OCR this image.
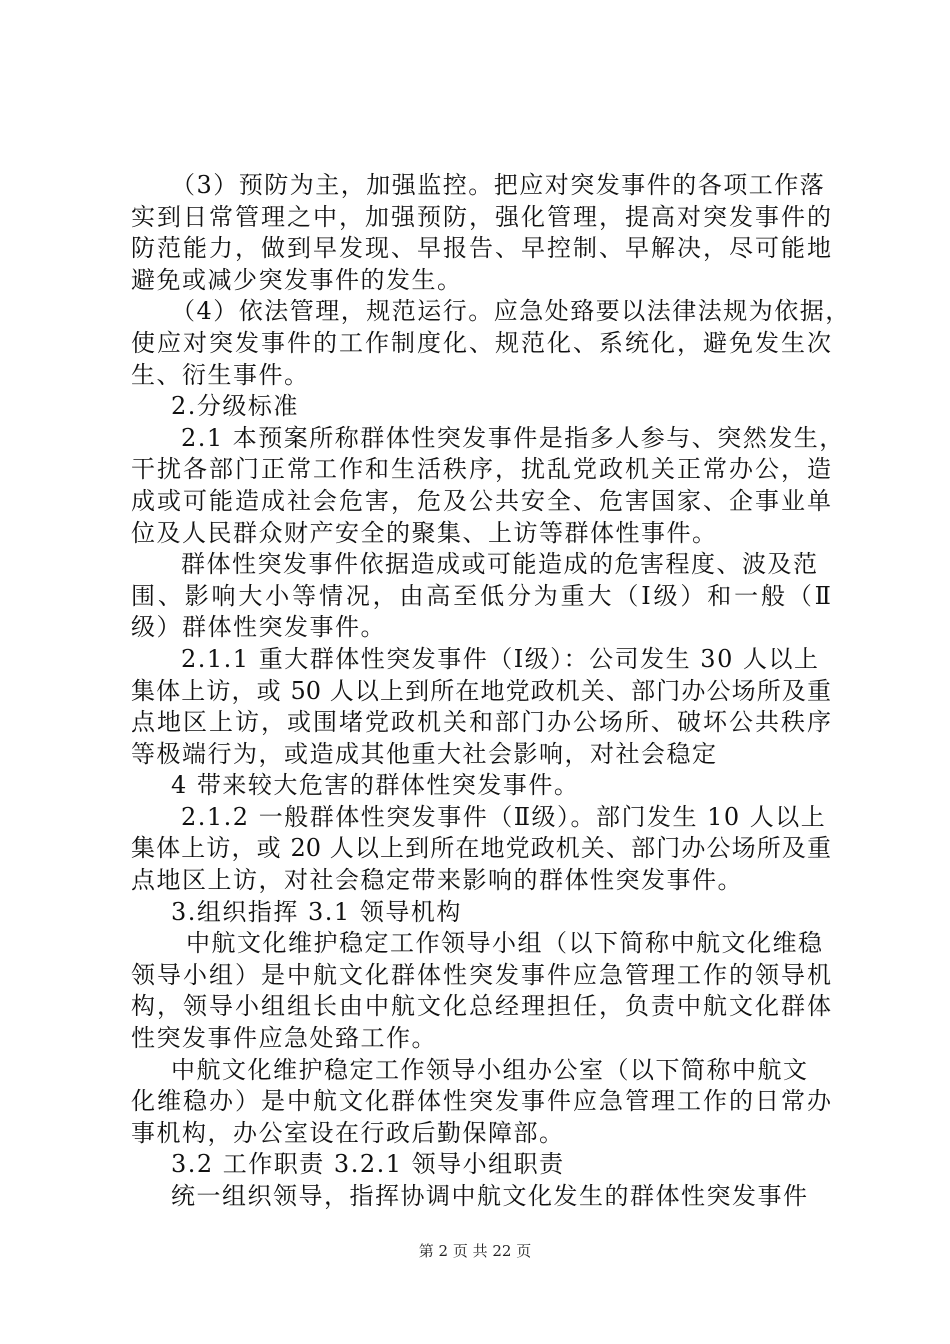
（3）预防为主，加强监控。把应对突发事件的各项工作落
实到日常管理之中，加强预防，强化管理，提高对突发事件的
防范能力，做到早发现、早报告、早控制、早解决，尽可能地
避免或减少突发事件的发生。
（4）依法管理，规范运行。应急处臵要以法律法规为依据，
使应对突发事件的工作制度化、规范化、系统化，避免发生次
生、衍生事件。
2.分级标准
2.1 本预案所称群体性突发事件是指多人参与、突然发生，
干扰各部门正常工作和生活秩序，扰乱党政机关正常办公，造
成或可能造成社会危害，危及公共安全、危害国家、企事业单
位及人民群众财产安全的聚集、上访等群体性事件。
群体性突发事件依据造成或可能造成的危害程度、波及范
围、影响大小等情况，由高至低分为重大（Ⅰ级）和一般（Ⅱ
级）群体性突发事件。
2.1.1 重大群体性突发事件（Ⅰ级）：公司发生 30 人以上
集体上访，或 50 人以上到所在地党政机关、部门办公场所及重
点地区上访，或围堵党政机关和部门办公场所、破坏公共秩序
等极端行为，或造成其他重大社会影响，对社会稳定
4 带来较大危害的群体性突发事件。
2.1.2 一般群体性突发事件（Ⅱ级）。部门发生 10 人以上
集体上访，或 20 人以上到所在地党政机关、部门办公场所及重
点地区上访，对社会稳定带来影响的群体性突发事件。
3.组织指挥 3.1 领导机构
中航文化维护稳定工作领导小组（以下简称中航文化维稳
领导小组）是中航文化群体性突发事件应急管理工作的领导机
构，领导小组组长由中航文化总经理担任，负责中航文化群体
性突发事件应急处臵工作。
中航文化维护稳定工作领导小组办公室（以下简称中航文
化维稳办）是中航文化群体性突发事件应急管理工作的日常办
事机构，办公室设在行政后勤保障部。
3.2 工作职责 3.2.1 领导小组职责
统一组织领导，指挥协调中航文化发生的群体性突发事件
第 2 页 共 22 页
